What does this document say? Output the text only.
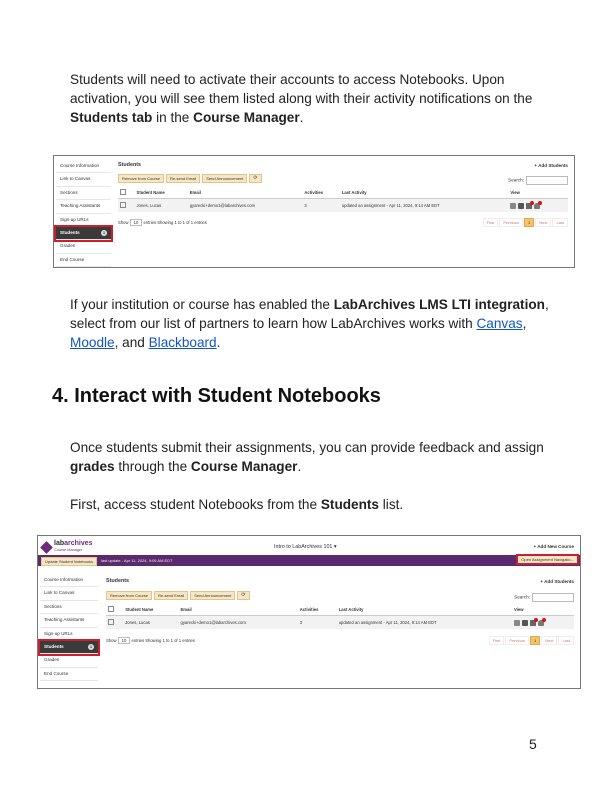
Students will need to activate their accounts to access Notebooks. Upon activation, you will see them listed along with their activity notifications on the Students tab in the Course Manager.

Course Information
Link to Canvas
Sections
Teaching Assistants
Sign-up URLs
Students	1
Grades
End Course
Students	+ Add Students
Remove from Course	Re-send Email	Send Announcement	⟳	Search:
	Student Name	Email	Activities	Last Activity	View
	Jones, Lucas	gyarecki+demo1@labarchives.com	3	updated an assignment - Apr 11, 2024, 9:14 AM EDT	
Show 10 entries Showing 1 to 1 of 1 entries	First	Previous	1	Next	Last

If your institution or course has enabled the LabArchives LMS LTI integration, select from our list of partners to learn how LabArchives works with Canvas, Moodle, and Blackboard.

4. Interact with Student Notebooks

Once students submit their assignments, you can provide feedback and assign grades through the Course Manager.

First, access student Notebooks from the Students list.

labarchives
Course Manager	Intro to LabArchives 101 ▾	+ Add New Course
Update Student Notebooks	last update - Apr 11, 2024, 9:09 AM EDT	Open Assignment Navigatio...
Course Information
Link to Canvas
Sections
Teaching Assistants
Sign-up URLs
Students	1
Grades
End Course
Students	+ Add Students
Remove from Course	Re-send Email	Send Announcement	⟳	Search:
	Student Name	Email	Activities	Last Activity	View
	Jones, Lucas	gyarecki+demo1@labarchives.com	3	updated an assignment - Apr 11, 2024, 9:14 AM EDT	
Show 10 entries Showing 1 to 1 of 1 entries	First	Previous	1	Next	Last
5
